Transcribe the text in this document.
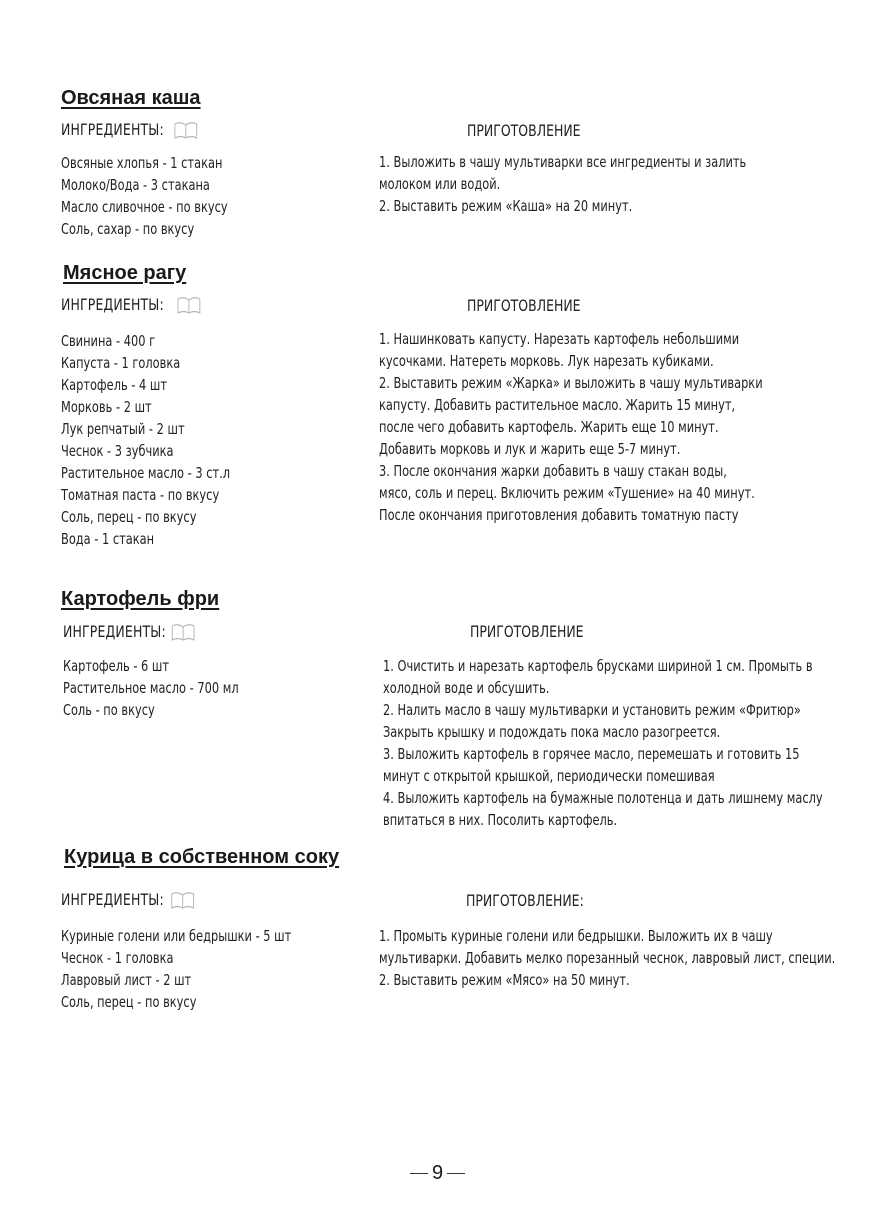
Овсяная каша
ИНГРЕДИЕНТЫ:	ПРИГОТОВЛЕНИЕ
Овсяные хлопья - 1 стакан
Молоко/Вода - 3 стакана
Масло сливочное - по вкусу
Соль, сахар - по вкусу
1. Выложить в чашу мультиварки все ингредиенты и залить
молоком или водой.
2. Выставить режим «Каша» на 20 минут.
Мясное рагу
ИНГРЕДИЕНТЫ:	ПРИГОТОВЛЕНИЕ
Свинина - 400 г
Капуста - 1 головка
Картофель - 4 шт
Морковь - 2 шт
Лук репчатый - 2 шт
Чеснок - 3 зубчика
Растительное масло - 3 ст.л
Томатная паста - по вкусу
Соль, перец - по вкусу
Вода - 1 стакан
1. Нашинковать капусту. Нарезать картофель небольшими
кусочками. Натереть морковь. Лук нарезать кубиками.
2. Выставить режим «Жарка» и выложить в чашу мультиварки
капусту. Добавить растительное масло. Жарить 15 минут,
после чего добавить картофель. Жарить еще 10 минут.
Добавить морковь и лук и жарить еще 5-7 минут.
3. После окончания жарки добавить в чашу стакан воды,
мясо, соль и перец. Включить режим «Тушение» на 40 минут.
После окончания приготовления добавить томатную пасту
Картофель фри
ИНГРЕДИЕНТЫ:	ПРИГОТОВЛЕНИЕ
Картофель - 6 шт
Растительное масло - 700 мл
Соль - по вкусу
1. Очистить и нарезать картофель брусками шириной 1 см. Промыть в
холодной воде и обсушить.
2. Налить масло в чашу мультиварки и установить режим «Фритюр»
Закрыть крышку и подождать пока масло разогреется.
3. Выложить картофель в горячее масло, перемешать и готовить 15
минут с открытой крышкой, периодически помешивая
4. Выложить картофель на бумажные полотенца и дать лишнему маслу
впитаться в них. Посолить картофель.
Курица в собственном соку
ИНГРЕДИЕНТЫ:	ПРИГОТОВЛЕНИЕ:
Куриные голени или бедрышки - 5 шт
Чеснок - 1 головка
Лавровый лист - 2 шт
Соль, перец - по вкусу
1. Промыть куриные голени или бедрышки. Выложить их в чашу
мультиварки. Добавить мелко порезанный чеснок, лавровый лист, специи.
2. Выставить режим «Мясо» на 50 минут.
9
